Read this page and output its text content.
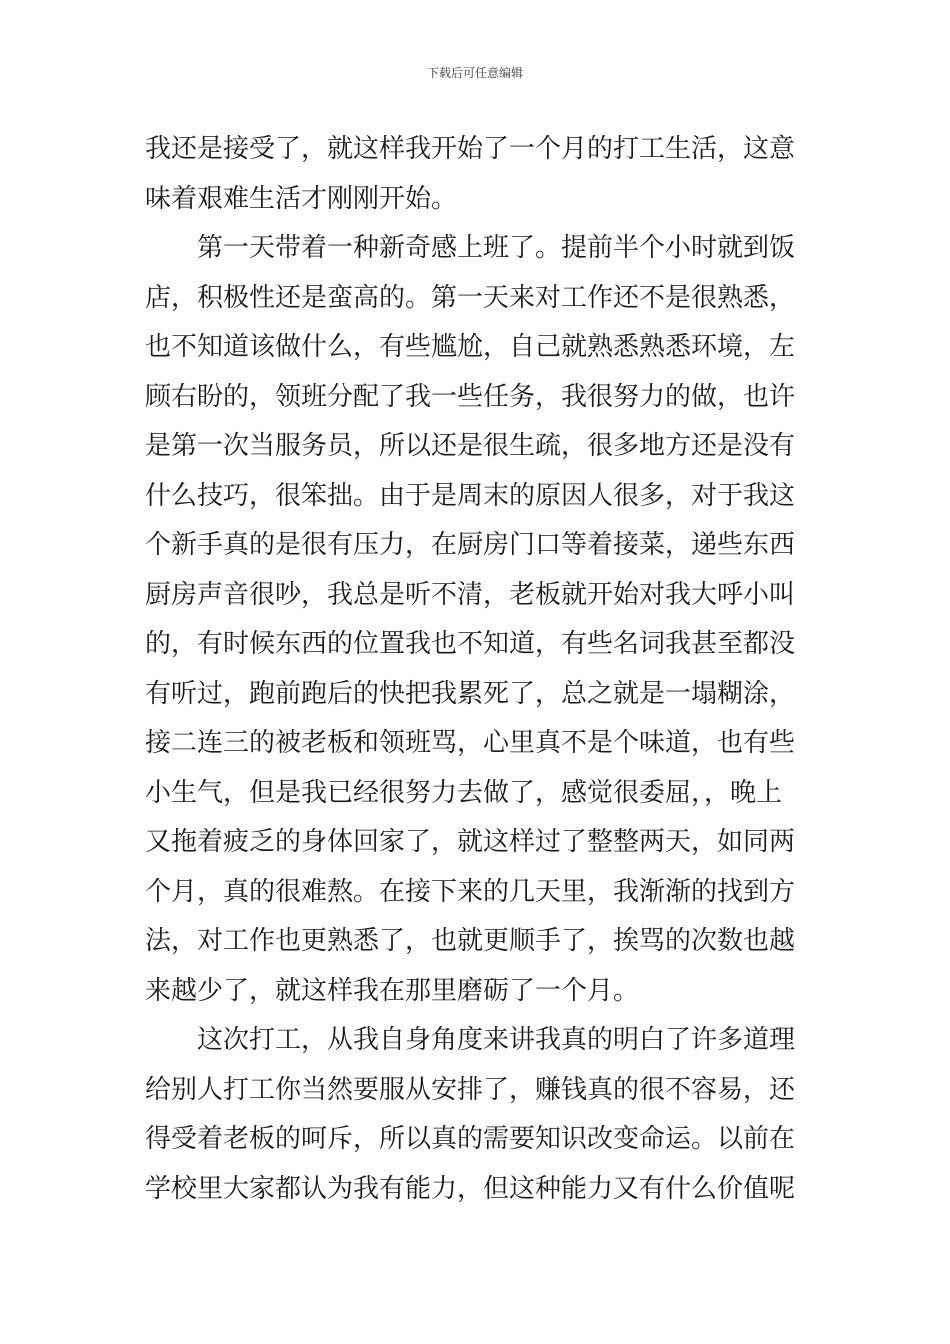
下载后可任意编辑
我还是接受了，就这样我开始了一个月的打工生活，这意
味着艰难生活才刚刚开始。
第一天带着一种新奇感上班了。提前半个小时就到饭
店，积极性还是蛮高的。第一天来对工作还不是很熟悉，
也不知道该做什么，有些尴尬，自己就熟悉熟悉环境，左
顾右盼的，领班分配了我一些任务，我很努力的做，也许
是第一次当服务员，所以还是很生疏，很多地方还是没有
什么技巧，很笨拙。由于是周末的原因人很多，对于我这
个新手真的是很有压力，在厨房门口等着接菜，递些东西
厨房声音很吵，我总是听不清，老板就开始对我大呼小叫
的，有时候东西的位置我也不知道，有些名词我甚至都没
有听过，跑前跑后的快把我累死了，总之就是一塌糊涂，
接二连三的被老板和领班骂，心里真不是个味道，也有些
小生气，但是我已经很努力去做了，感觉很委屈，，晚上
又拖着疲乏的身体回家了，就这样过了整整两天，如同两
个月，真的很难熬。在接下来的几天里，我渐渐的找到方
法，对工作也更熟悉了，也就更顺手了，挨骂的次数也越
来越少了，就这样我在那里磨砺了一个月。
这次打工，从我自身角度来讲我真的明白了许多道理
给别人打工你当然要服从安排了，赚钱真的很不容易，还
得受着老板的呵斥，所以真的需要知识改变命运。以前在
学校里大家都认为我有能力，但这种能力又有什么价值呢
